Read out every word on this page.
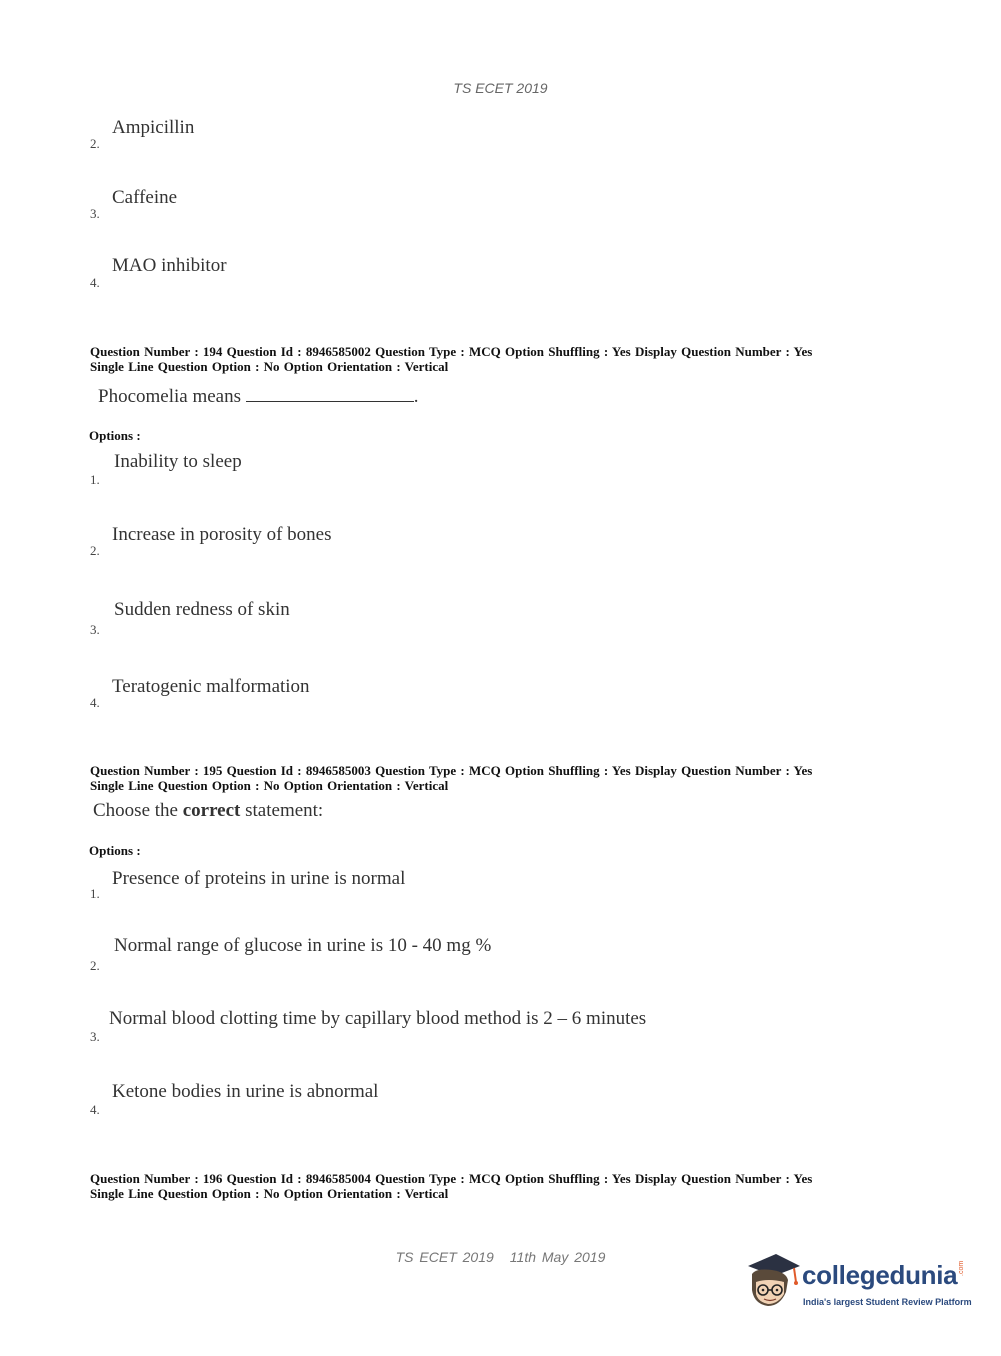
TS ECET 2019
2.
Ampicillin
3.
Caffeine
4.
MAO inhibitor
Question Number : 194 Question Id : 8946585002 Question Type : MCQ Option Shuffling : Yes Display Question Number : Yes
Single Line Question Option : No Option Orientation : Vertical
Phocomelia means	.
Options :
1.
Inability to sleep
2.
Increase in porosity of bones
3.
Sudden redness of skin
4.
Teratogenic malformation
Question Number : 195 Question Id : 8946585003 Question Type : MCQ Option Shuffling : Yes Display Question Number : Yes
Single Line Question Option : No Option Orientation : Vertical
Choose the correct statement:
Options :
1.
Presence of proteins in urine is normal
2.
Normal range of glucose in urine is 10 - 40 mg %
3.
Normal blood clotting time by capillary blood method is 2 – 6 minutes
4.
Ketone bodies in urine is abnormal
Question Number : 196 Question Id : 8946585004 Question Type : MCQ Option Shuffling : Yes Display Question Number : Yes
Single Line Question Option : No Option Orientation : Vertical
TS ECET 2019 11th May 2019
collegedunia .com
India's largest Student Review Platform
